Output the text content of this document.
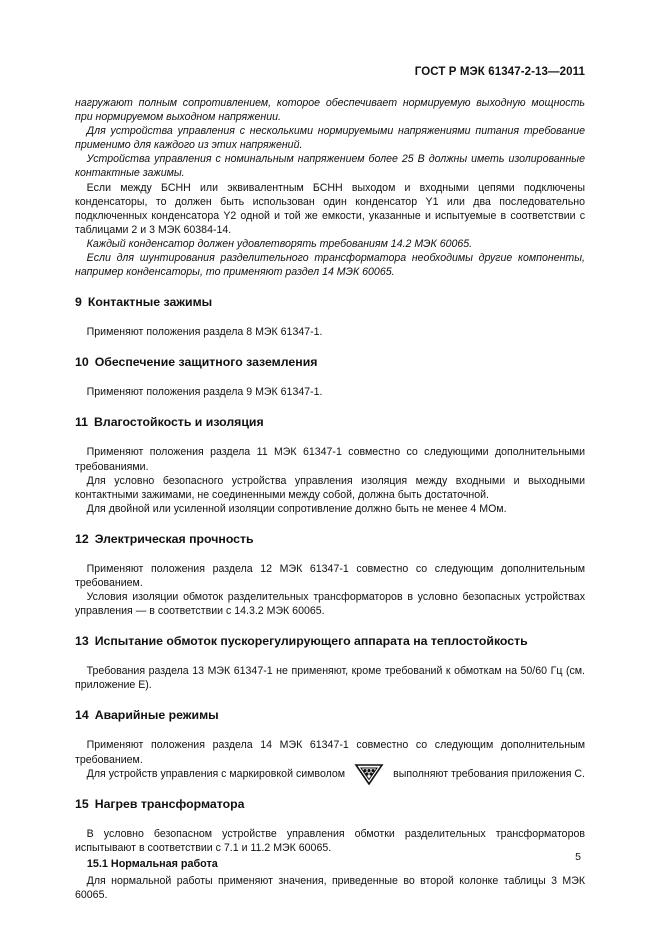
ГОСТ Р МЭК 61347-2-13—2011

нагружают полным сопротивлением, которое обеспечивает нормируемую выходную мощность при нормируемом выходном напряжении.

Для устройства управления с несколькими нормируемыми напряжениями питания требование применимо для каждого из этих напряжений.

Устройства управления с номинальным напряжением более 25 В должны иметь изолированные контактные зажимы.

Если между БСНН или эквивалентным БСНН выходом и входными цепями подключены конденсаторы, то должен быть использован один конденсатор Y1 или два последовательно подключенных конденсатора Y2 одной и той же емкости, указанные и испытуемые в соответствии с таблицами 2 и 3 МЭК 60384-14.

Каждый конденсатор должен удовлетворять требованиям 14.2 МЭК 60065.

Если для шунтирования разделительного трансформатора необходимы другие компоненты, например конденсаторы, то применяют раздел 14 МЭК 60065.

9 Контактные зажимы

Применяют положения раздела 8 МЭК 61347-1.

10 Обеспечение защитного заземления

Применяют положения раздела 9 МЭК 61347-1.

11 Влагостойкость и изоляция

Применяют положения раздела 11 МЭК 61347-1 совместно со следующими дополнительными требованиями.

Для условно безопасного устройства управления изоляция между входными и выходными контактными зажимами, не соединенными между собой, должна быть достаточной.

Для двойной или усиленной изоляции сопротивление должно быть не менее 4 МОм.

12 Электрическая прочность

Применяют положения раздела 12 МЭК 61347-1 совместно со следующим дополнительным требованием.

Условия изоляции обмоток разделительных трансформаторов в условно безопасных устройствах управления — в соответствии с 14.3.2 МЭК 60065.

13 Испытание обмоток пускорегулирующего аппарата на теплостойкость

Требования раздела 13 МЭК 61347-1 не применяют, кроме требований к обмоткам на 50/60 Гц (см. приложение Е).

14 Аварийные режимы

Применяют положения раздела 14 МЭК 61347-1 совместно со следующим дополнительным требованием.

Для устройств управления с маркировкой символом	выполняют требования приложения С.

15 Нагрев трансформатора

В условно безопасном устройстве управления обмотки разделительных трансформаторов испытывают в соответствии с 7.1 и 11.2 МЭК 60065.

15.1 Нормальная работа

Для нормальной работы применяют значения, приведенные во второй колонке таблицы 3 МЭК 60065.

5
